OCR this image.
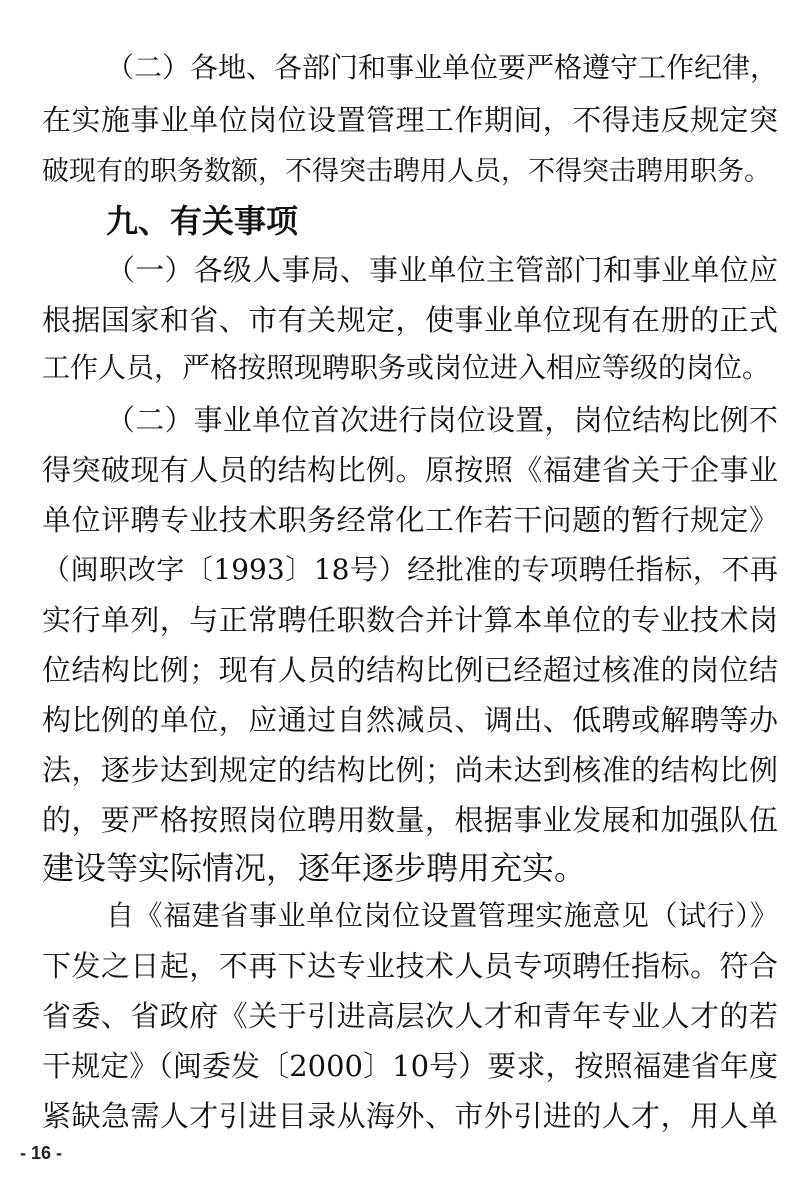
（二）各地、各部门和事业单位要严格遵守工作纪律，
在实施事业单位岗位设置管理工作期间，不得违反规定突
破现有的职务数额，不得突击聘用人员，不得突击聘用职务。
九、有关事项
（一）各级人事局、事业单位主管部门和事业单位应
根据国家和省、市有关规定，使事业单位现有在册的正式
工作人员，严格按照现聘职务或岗位进入相应等级的岗位。
（二）事业单位首次进行岗位设置，岗位结构比例不
得突破现有人员的结构比例。原按照《福建省关于企事业
单位评聘专业技术职务经常化工作若干问题的暂行规定》
（闽职改字〔1993〕18号）经批准的专项聘任指标，不再
实行单列，与正常聘任职数合并计算本单位的专业技术岗
位结构比例；现有人员的结构比例已经超过核准的岗位结
构比例的单位，应通过自然减员、调出、低聘或解聘等办
法，逐步达到规定的结构比例；尚未达到核准的结构比例
的，要严格按照岗位聘用数量，根据事业发展和加强队伍
建设等实际情况，逐年逐步聘用充实。
自《福建省事业单位岗位设置管理实施意见（试行）》
下发之日起，不再下达专业技术人员专项聘任指标。符合
省委、省政府《关于引进高层次人才和青年专业人才的若
干规定》（闽委发〔2000〕10号）要求，按照福建省年度
紧缺急需人才引进目录从海外、市外引进的人才，用人单
- 16 -
